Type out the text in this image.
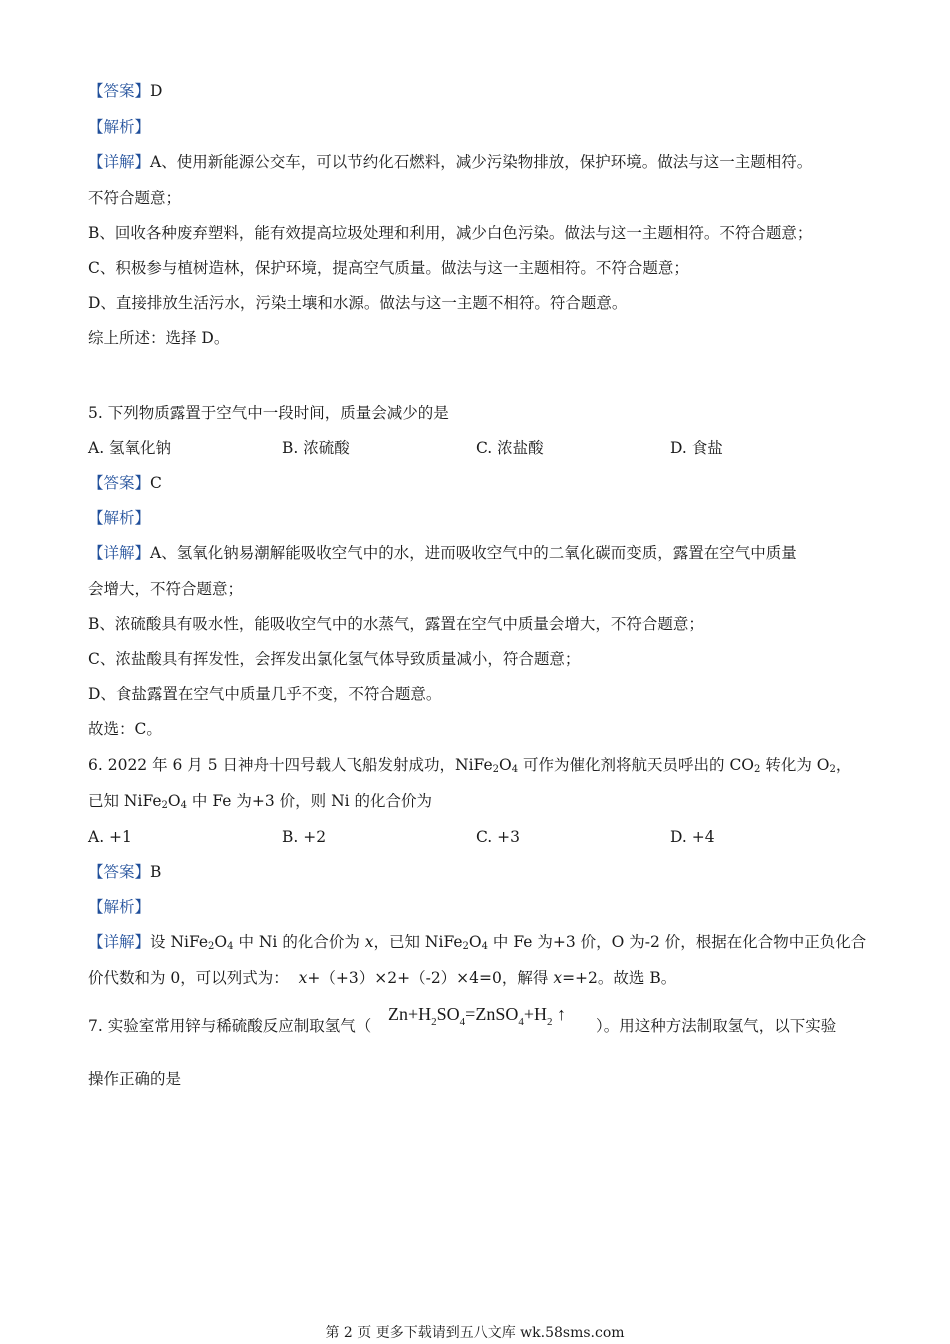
【答案】D
【解析】
【详解】A、使用新能源公交车，可以节约化石燃料，减少污染物排放，保护环境。做法与这一主题相符。
不符合题意；
B、回收各种废弃塑料，能有效提高垃圾处理和利用，减少白色污染。做法与这一主题相符。不符合题意；
C、积极参与植树造林，保护环境，提高空气质量。做法与这一主题相符。不符合题意；
D、直接排放生活污水，污染土壤和水源。做法与这一主题不相符。符合题意。
综上所述：选择 D。
5. 下列物质露置于空气中一段时间，质量会减少的是
A. 氢氧化钠	B. 浓硫酸	C. 浓盐酸	D. 食盐
【答案】C
【解析】
【详解】A、氢氧化钠易潮解能吸收空气中的水，进而吸收空气中的二氧化碳而变质，露置在空气中质量
会增大，不符合题意；
B、浓硫酸具有吸水性，能吸收空气中的水蒸气，露置在空气中质量会增大，不符合题意；
C、浓盐酸具有挥发性，会挥发出氯化氢气体导致质量减小，符合题意；
D、食盐露置在空气中质量几乎不变，不符合题意。
故选：C。
6. 2022 年 6 月 5 日神舟十四号载人飞船发射成功，$NiFe_2O_4$ 可作为催化剂将航天员呼出的 $CO_2$ 转化为 $O_2$，
已知 $NiFe_2O_4$ 中 Fe 为+3 价，则 Ni 的化合价为
A. +1	B. +2	C. +3	D. +4
【答案】B
【解析】
【详解】设 $NiFe_2O_4$ 中 Ni 的化合价为 x，已知 $NiFe_2O_4$ 中 Fe 为+3 价，O 为-2 价，根据在化合物中正负化合
价代数和为 0，可以列式为： x+（+3）×2+（-2）×4=0，解得 x=+2。故选 B。
7. 实验室常用锌与稀硫酸反应制取氢气（
$Zn+H_2SO_4=ZnSO_4+H_2$ ↑
）。用这种方法制取氢气，以下实验
操作正确的是
第 2 页 更多下载请到五八文库 wk.58sms.com
